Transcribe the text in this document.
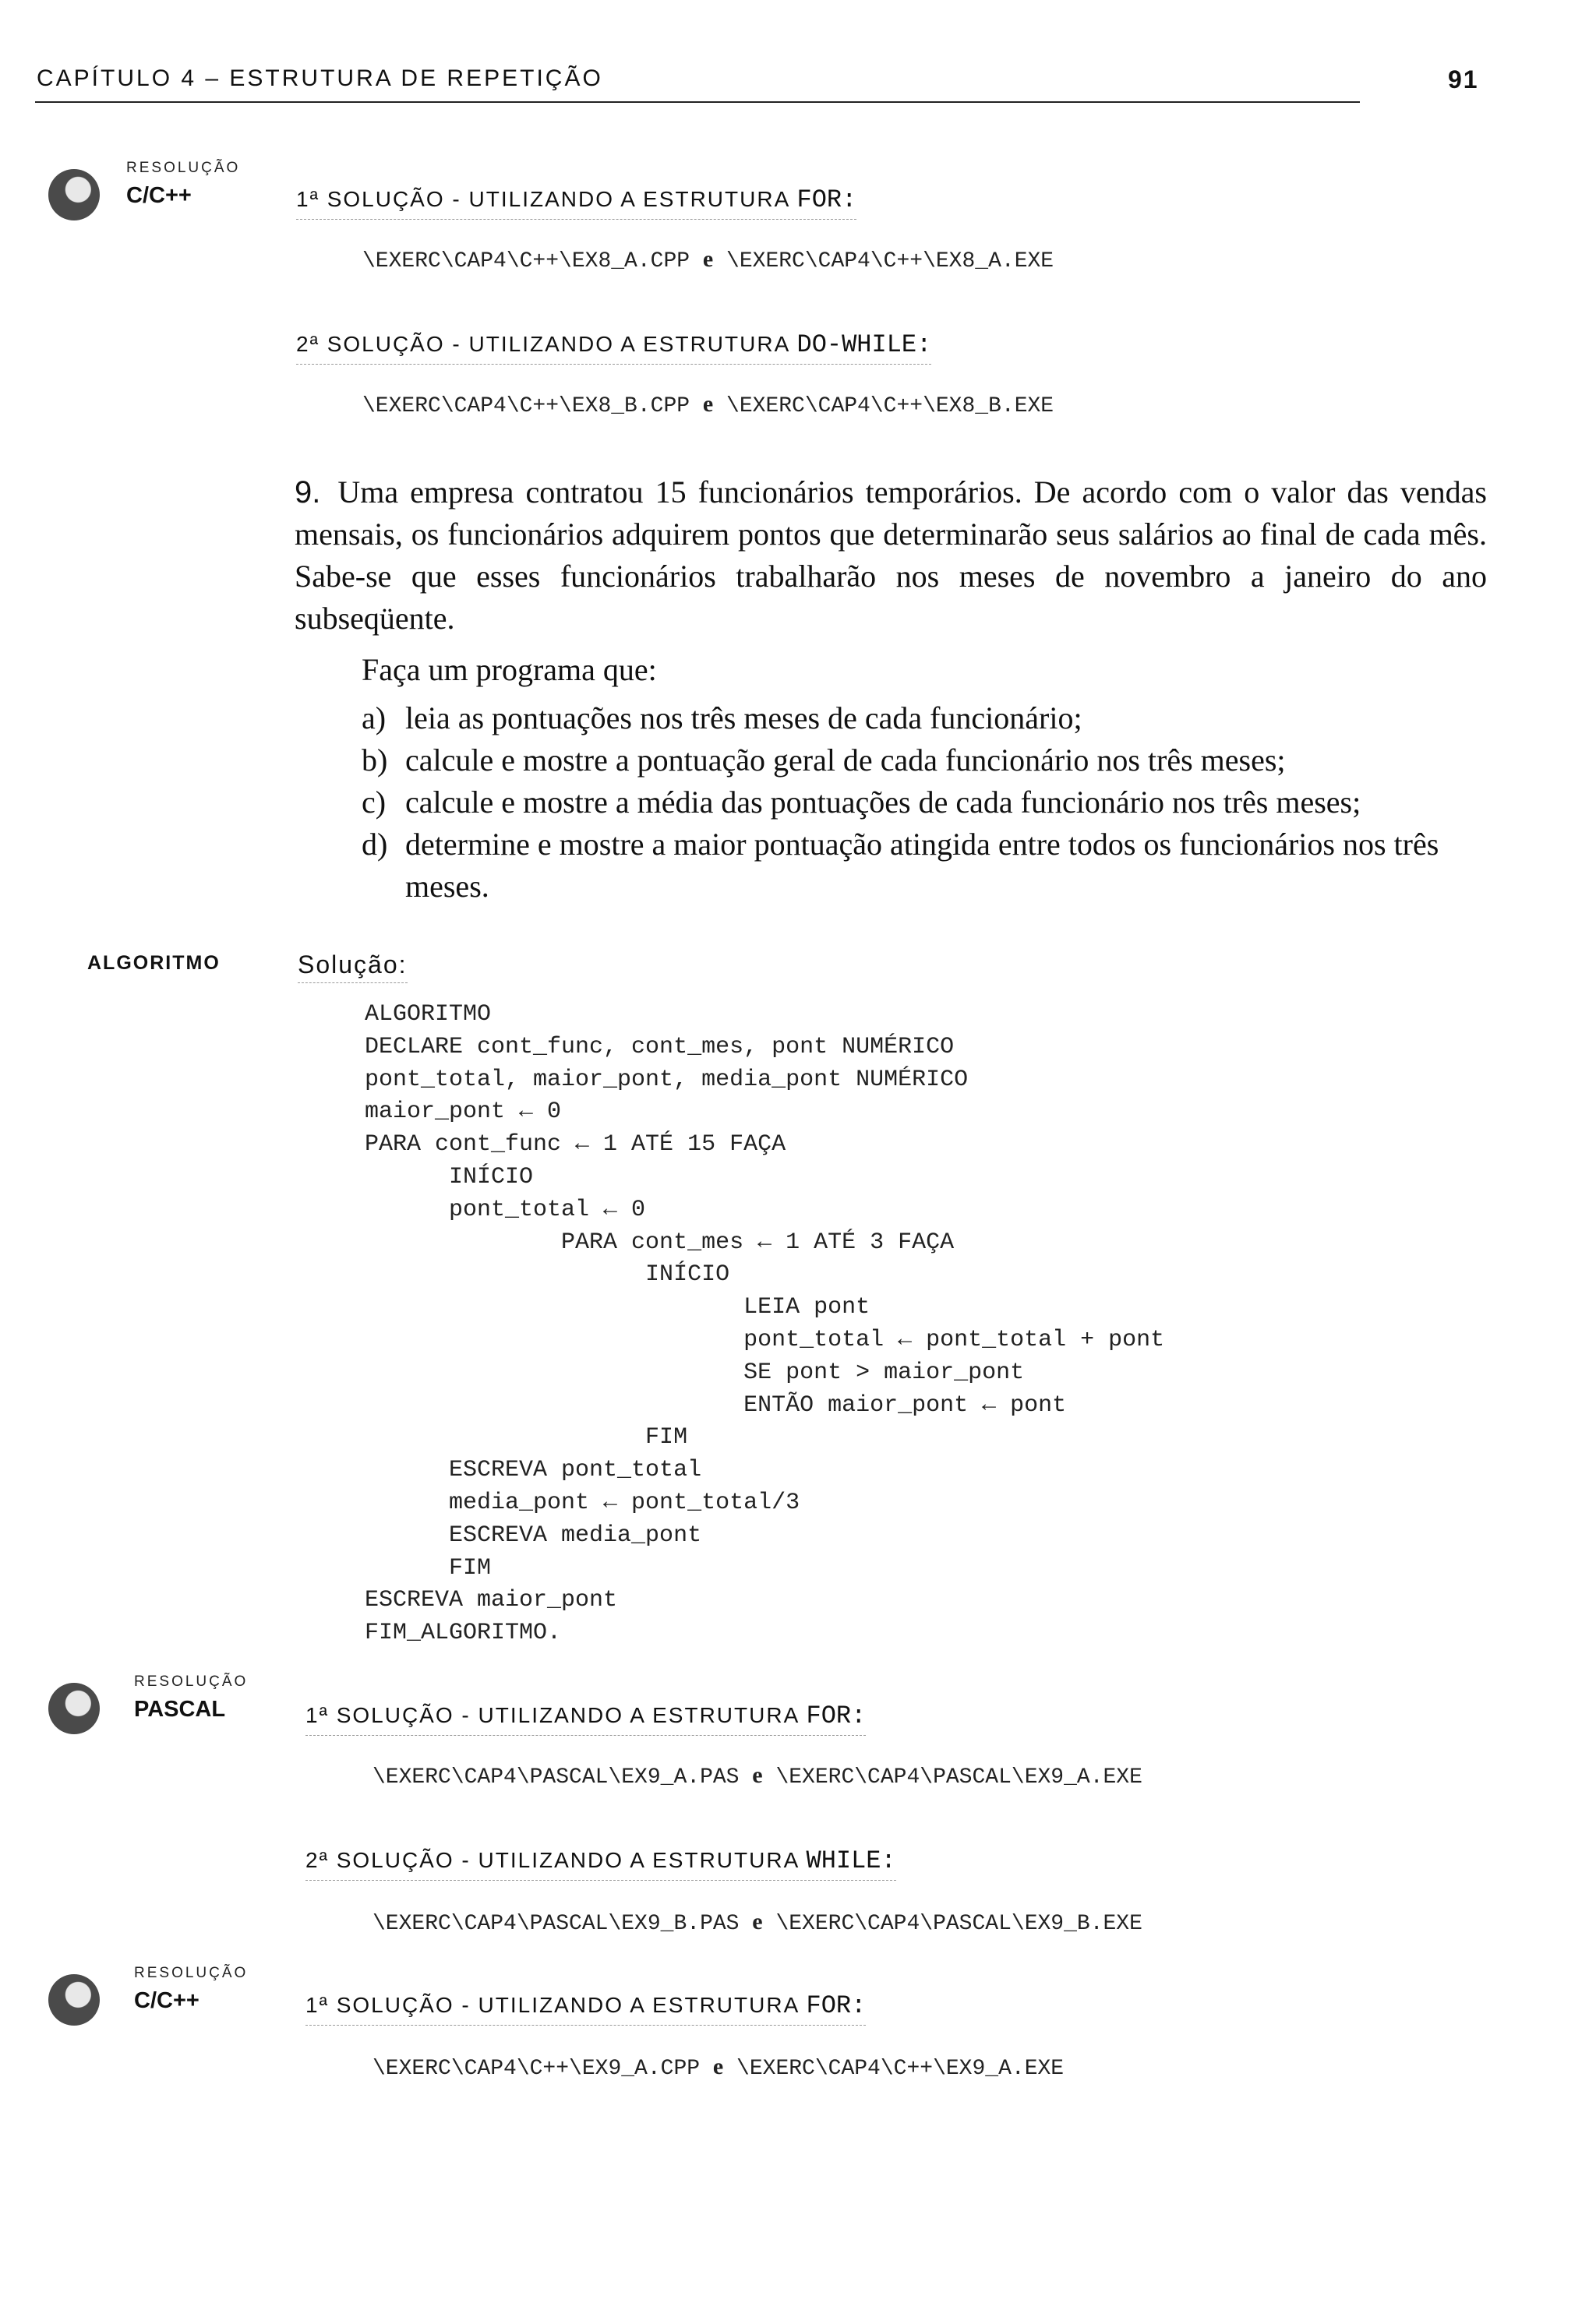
CAPÍTULO 4 – ESTRUTURA DE REPETIÇÃO	91
RESOLUÇÃO
C/C++	1ª SOLUÇÃO - UTILIZANDO A ESTRUTURA FOR:
\EXERC\CAP4\C++\EX8_A.CPP e \EXERC\CAP4\C++\EX8_A.EXE
2ª SOLUÇÃO - UTILIZANDO A ESTRUTURA DO-WHILE:
\EXERC\CAP4\C++\EX8_B.CPP e \EXERC\CAP4\C++\EX8_B.EXE
9. Uma empresa contratou 15 funcionários temporários. De acordo com o valor das vendas mensais, os funcionários adquirem pontos que determinarão seus salários ao final de cada mês. Sabe-se que esses funcionários trabalharão nos meses de novembro a janeiro do ano subseqüente.
Faça um programa que:
a) leia as pontuações nos três meses de cada funcionário;
b) calcule e mostre a pontuação geral de cada funcionário nos três meses;
c) calcule e mostre a média das pontuações de cada funcionário nos três meses;
d) determine e mostre a maior pontuação atingida entre todos os funcionários nos três meses.
ALGORITMO	Solução:
ALGORITMO
DECLARE cont_func, cont_mes, pont NUMÉRICO
pont_total, maior_pont, media_pont NUMÉRICO
maior_pont ← 0
PARA cont_func ← 1 ATÉ 15 FAÇA
INÍCIO
pont_total ← 0
PARA cont_mes ← 1 ATÉ 3 FAÇA
INÍCIO
LEIA pont
pont_total ← pont_total + pont
SE pont > maior_pont
ENTÃO maior_pont ← pont
FIM
ESCREVA pont_total
media_pont ← pont_total/3
ESCREVA media_pont
FIM
ESCREVA maior_pont
FIM_ALGORITMO.
RESOLUÇÃO
PASCAL	1ª SOLUÇÃO - UTILIZANDO A ESTRUTURA FOR:
\EXERC\CAP4\PASCAL\EX9_A.PAS e \EXERC\CAP4\PASCAL\EX9_A.EXE
2ª SOLUÇÃO - UTILIZANDO A ESTRUTURA WHILE:
\EXERC\CAP4\PASCAL\EX9_B.PAS e \EXERC\CAP4\PASCAL\EX9_B.EXE
RESOLUÇÃO
C/C++	1ª SOLUÇÃO - UTILIZANDO A ESTRUTURA FOR:
\EXERC\CAP4\C++\EX9_A.CPP e \EXERC\CAP4\C++\EX9_A.EXE
